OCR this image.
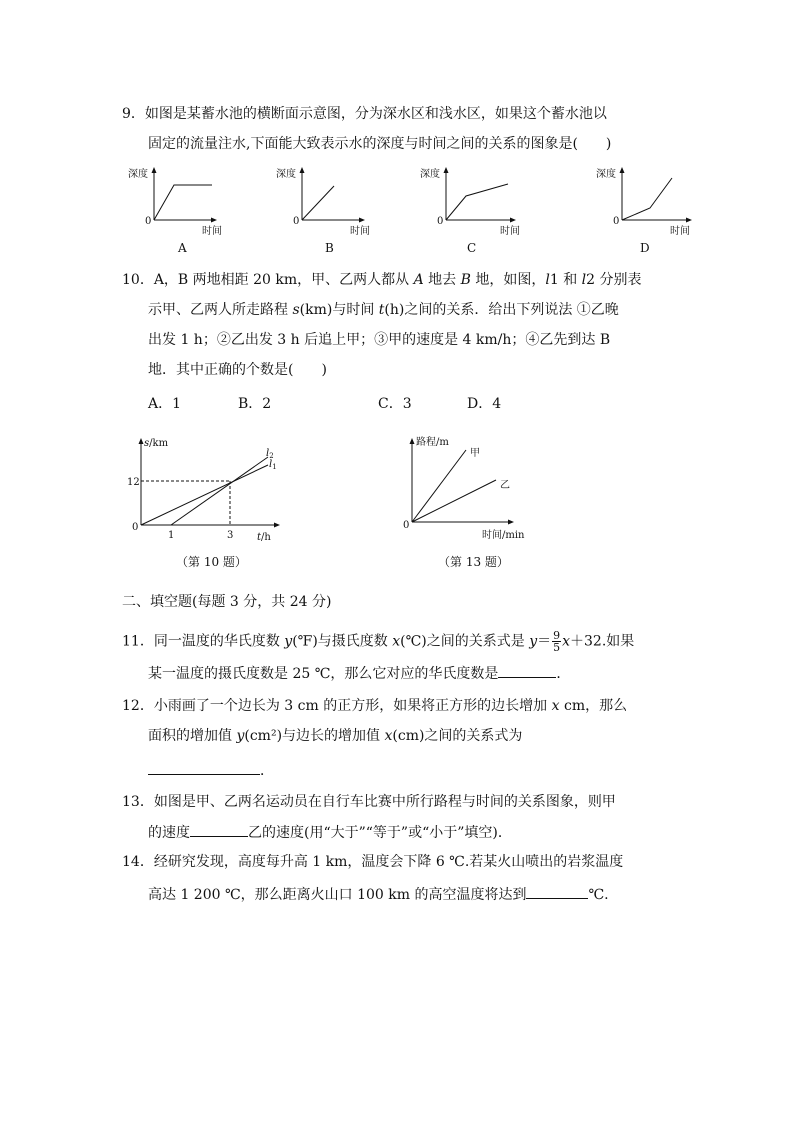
9．如图是某蓄水池的横断面示意图，分为深水区和浅水区，如果这个蓄水池以
固定的流量注水,下面能大致表示水的深度与时间之间的关系的图象是(　　)
深度
时间
0
A
深度
时间
0
B
深度
时间
0
C
深度
时间
0
D
10．A，B 两地相距 20 km，甲、乙两人都从 A 地去 B 地，如图，l1 和 l2 分别表
示甲、乙两人所走路程 s(km)与时间 t(h)之间的关系．给出下列说法 ①乙晚
出发 1 h；②乙出发 3 h 后追上甲；③甲的速度是 4 km/h；④乙先到达 B
地．其中正确的个数是(　　)
A．1	B．2	C．3	D．4
s/km
t/h
0
12
1	3
$l_2$
$l_1$
（第 10 题）
路程/m
时间/min
0
甲
乙
（第 13 题）
二、填空题(每题 3 分，共 24 分)
11．同一温度的华氏度数 y(℉)与摄氏度数 x(℃)之间的关系式是 $y= \frac{9}{5} x+32$.如果
某一温度的摄氏度数是 25 ℃，那么它对应的华氏度数是	．
12．小雨画了一个边长为 3 cm 的正方形，如果将正方形的边长增加 x cm，那么
面积的增加值 y(cm²)与边长的增加值 x(cm)之间的关系式为
．
13．如图是甲、乙两名运动员在自行车比赛中所行路程与时间的关系图象，则甲
的速度	乙的速度(用“大于”“等于”或“小于”填空)．
14．经研究发现，高度每升高 1 km，温度会下降 6 ℃.若某火山喷出的岩浆温度
高达 1 200 ℃，那么距离火山口 100 km 的高空温度将达到	℃.
